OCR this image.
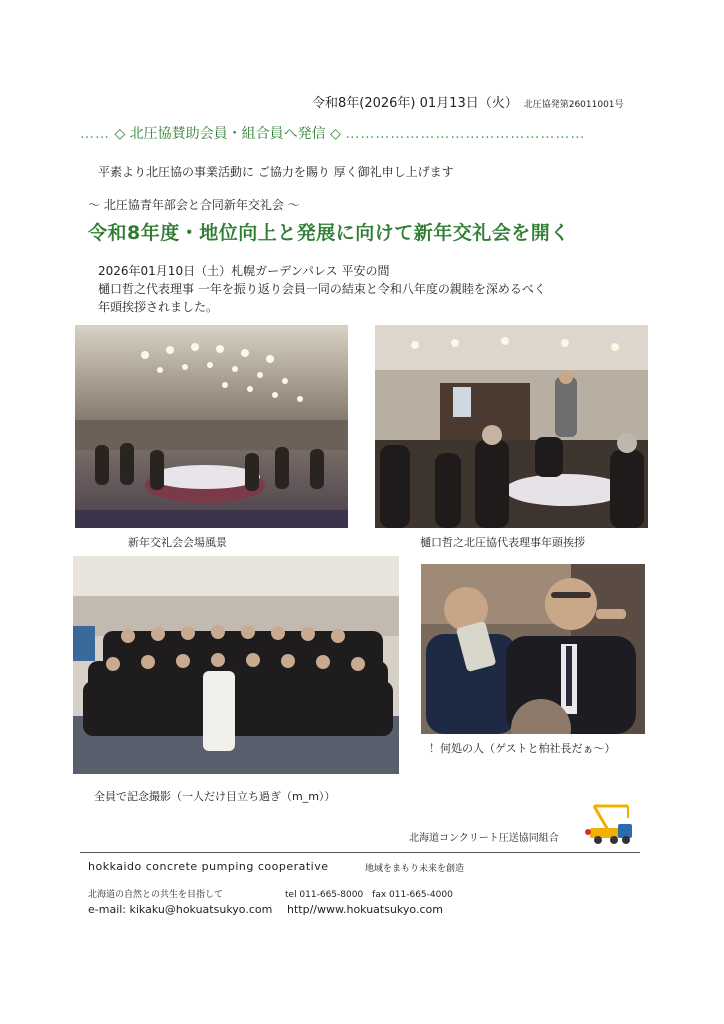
令和8年(2026年) 01月13日（火） 北圧協発第26011001号
…… ◇ 北圧協賛助会員・組合員へ発信 ◇ …………………………………………
平素より北圧協の事業活動に ご協力を賜り 厚く御礼申し上げます
～ 北圧協青年部会と合同新年交礼会 ～
令和8年度・地位向上と発展に向けて新年交礼会を開く
2026年01月10日（土）札幌ガーデンパレス 平安の間
樋口哲之代表理事 一年を振り返り会員一同の結束と令和八年度の親睦を深めるべく
年頭挨拶されました。
新年交礼会会場風景	樋口哲之北圧協代表理事年頭挨拶
全員で記念撮影（一人だけ目立ち過ぎ（m_m））
！何処の人（ゲストと柏社長だぁ～）
北海道コンクリート圧送協同組合
hokkaido concrete pumping cooperative	地域をまもり未来を創造
北海道の自然との共生を目指して	tel 011-665-8000　fax 011-665-4000
e-mail: kikaku@hokuatsukyo.com http//www.hokuatsukyo.com
